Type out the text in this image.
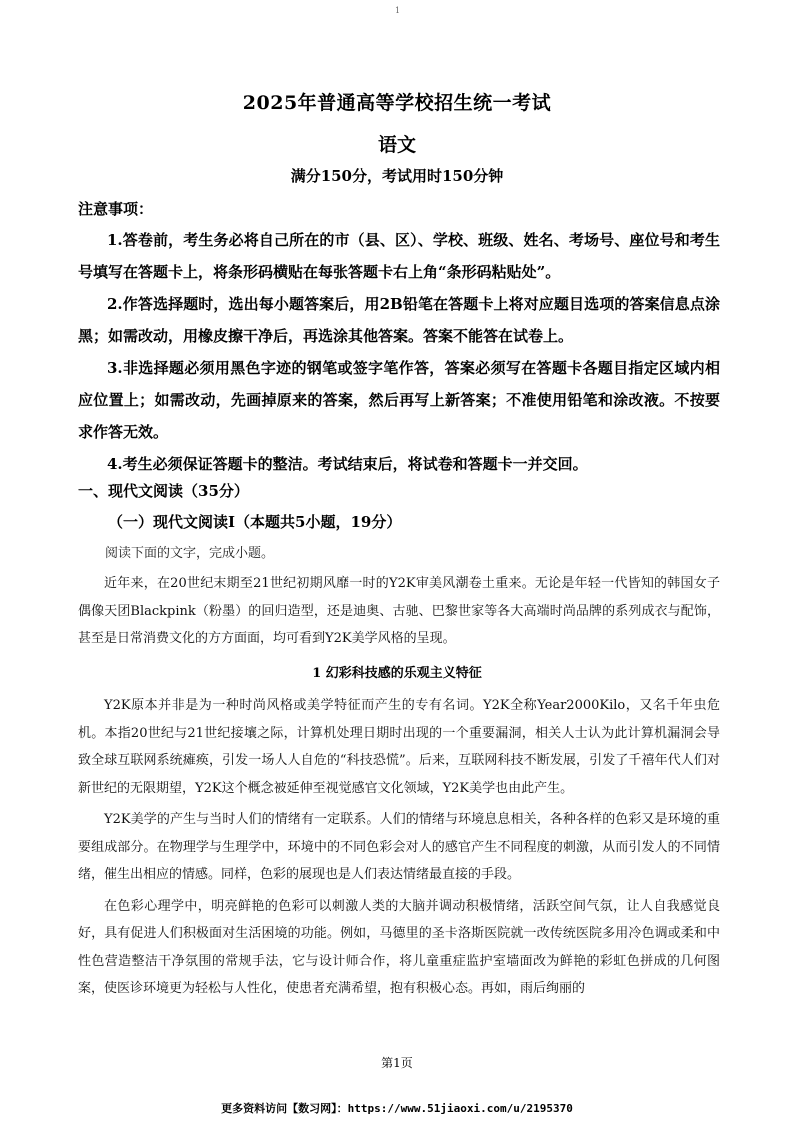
1
2025年普通高等学校招生统一考试
语文
满分150分，考试用时150分钟
注意事项：

1.答卷前，考生务必将自己所在的市（县、区）、学校、班级、姓名、考场号、座位号和考生号填写在答题卡上，将条形码横贴在每张答题卡右上角“条形码粘贴处”。

2.作答选择题时，选出每小题答案后，用2B铅笔在答题卡上将对应题目选项的答案信息点涂黑；如需改动，用橡皮擦干净后，再选涂其他答案。答案不能答在试卷上。

3.非选择题必须用黑色字迹的钢笔或签字笔作答，答案必须写在答题卡各题目指定区域内相应位置上；如需改动，先画掉原来的答案，然后再写上新答案；不准使用铅笔和涂改液。不按要求作答无效。

4.考生必须保证答题卡的整洁。考试结束后，将试卷和答题卡一并交回。

一、现代文阅读（35分）
（一）现代文阅读Ⅰ（本题共5小题，19分）
阅读下面的文字，完成小题。

近年来，在20世纪末期至21世纪初期风靡一时的Y2K审美风潮卷土重来。无论是年轻一代皆知的韩国女子偶像天团Blackpink（粉墨）的回归造型，还是迪奥、古驰、巴黎世家等各大高端时尚品牌的系列成衣与配饰，甚至是日常消费文化的方方面面，均可看到Y2K美学风格的呈现。

1 幻彩科技感的乐观主义特征

Y2K原本并非是为一种时尚风格或美学特征而产生的专有名词。Y2K全称Year2000Kilo，又名千年虫危机。本指20世纪与21世纪接壤之际，计算机处理日期时出现的一个重要漏洞，相关人士认为此计算机漏洞会导致全球互联网系统瘫痪，引发一场人人自危的“科技恐慌”。后来，互联网科技不断发展，引发了千禧年代人们对新世纪的无限期望，Y2K这个概念被延伸至视觉感官文化领域，Y2K美学也由此产生。

Y2K美学的产生与当时人们的情绪有一定联系。人们的情绪与环境息息相关，各种各样的色彩又是环境的重要组成部分。在物理学与生理学中，环境中的不同色彩会对人的感官产生不同程度的刺激，从而引发人的不同情绪，催生出相应的情感。同样，色彩的展现也是人们表达情绪最直接的手段。

在色彩心理学中，明亮鲜艳的色彩可以刺激人类的大脑并调动积极情绪，活跃空间气氛，让人自我感觉良好，具有促进人们积极面对生活困境的功能。例如，马德里的圣卡洛斯医院就一改传统医院多用冷色调或柔和中性色营造整洁干净氛围的常规手法，它与设计师合作，将儿童重症监护室墙面改为鲜艳的彩虹色拼成的几何图案，使医诊环境更为轻松与人性化，使患者充满希望，抱有积极心态。再如，雨后绚丽的

第1页
更多资料访问【数习网】：https://www.51jiaoxi.com/u/2195370
